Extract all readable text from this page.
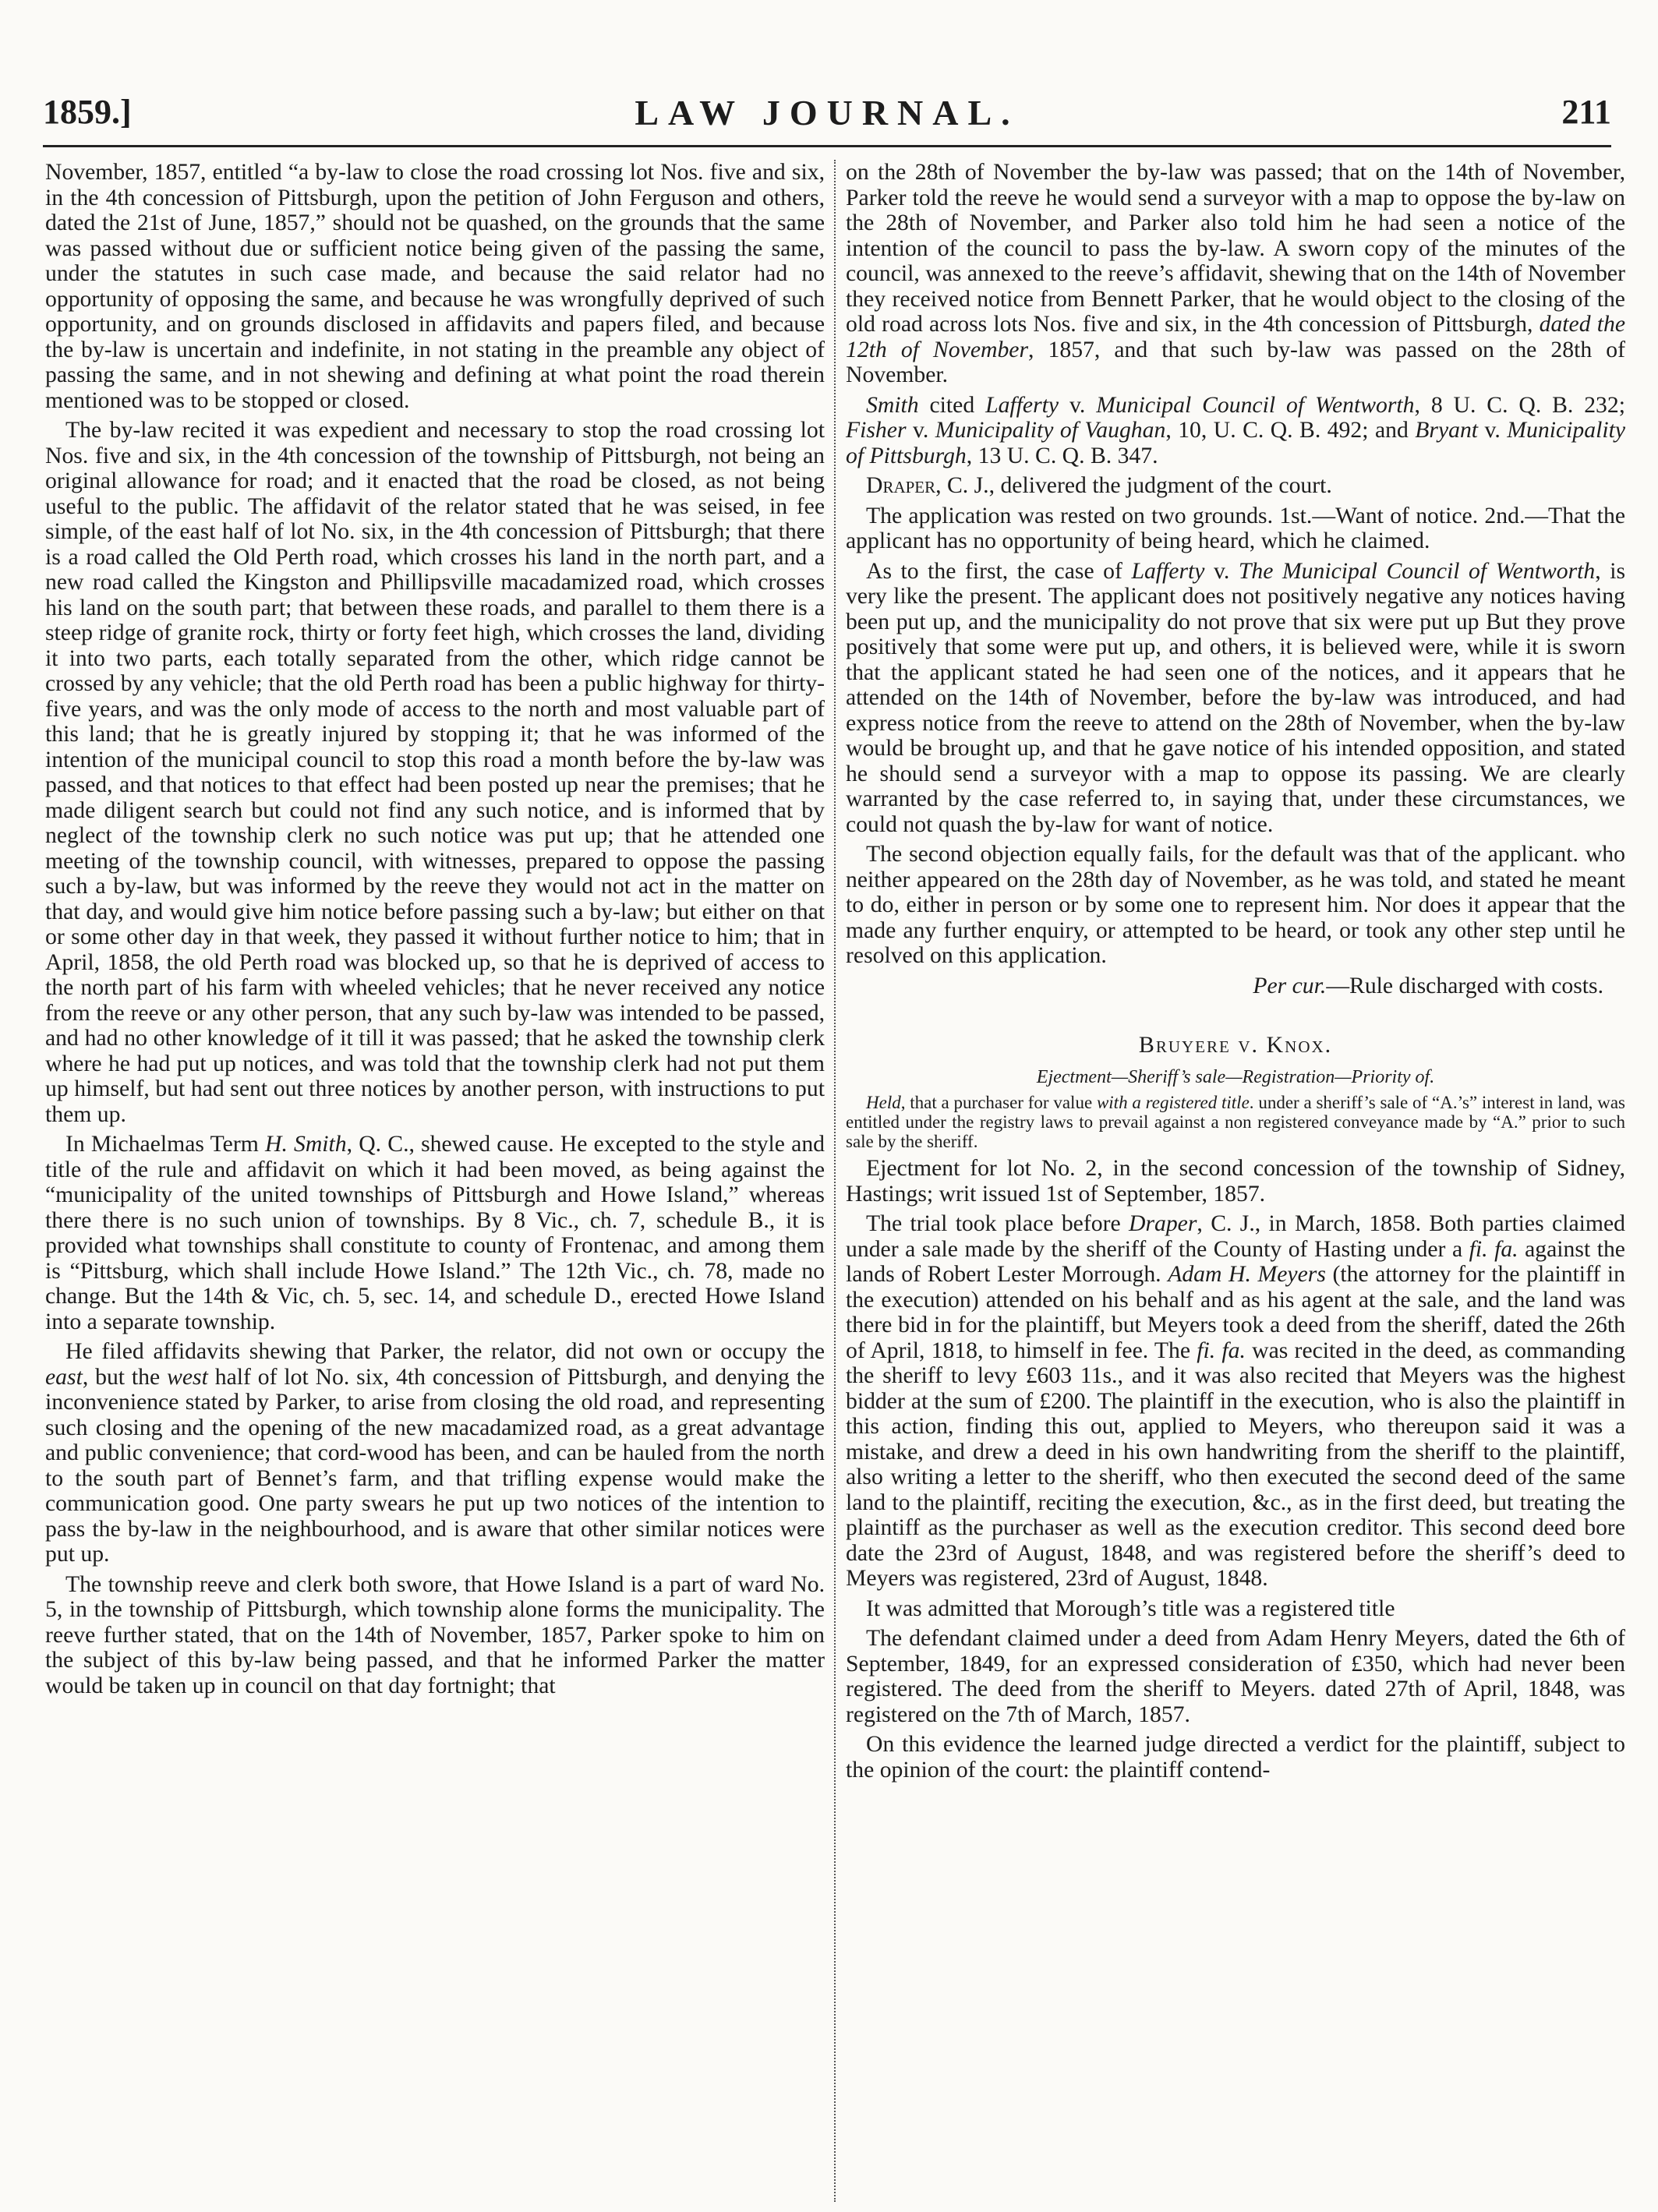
1859.]	LAW JOURNAL.	211

November, 1857, entitled “a by-law to close the road crossing lot Nos. five and six, in the 4th concession of Pittsburgh, upon the petition of John Ferguson and others, dated the 21st of June, 1857,” should not be quashed, on the grounds that the same was passed without due or sufficient notice being given of the passing the same, under the statutes in such case made, and because the said relator had no opportunity of opposing the same, and because he was wrongfully deprived of such opportunity, and on grounds disclosed in affidavits and papers filed, and because the by-law is uncertain and indefinite, in not stating in the preamble any object of passing the same, and in not shewing and defining at what point the road therein mentioned was to be stopped or closed.

The by-law recited it was expedient and necessary to stop the road crossing lot Nos. five and six, in the 4th concession of the township of Pittsburgh, not being an original allowance for road; and it enacted that the road be closed, as not being useful to the public. The affidavit of the relator stated that he was seised, in fee simple, of the east half of lot No. six, in the 4th concession of Pittsburgh; that there is a road called the Old Perth road, which crosses his land in the north part, and a new road called the Kingston and Phillipsville macadamized road, which crosses his land on the south part; that between these roads, and parallel to them there is a steep ridge of granite rock, thirty or forty feet high, which crosses the land, dividing it into two parts, each totally separated from the other, which ridge cannot be crossed by any vehicle; that the old Perth road has been a public highway for thirty-five years, and was the only mode of access to the north and most valuable part of this land; that he is greatly injured by stopping it; that he was informed of the intention of the municipal council to stop this road a month before the by-law was passed, and that notices to that effect had been posted up near the premises; that he made diligent search but could not find any such notice, and is informed that by neglect of the township clerk no such notice was put up; that he attended one meeting of the township council, with witnesses, prepared to oppose the passing such a by-law, but was informed by the reeve they would not act in the matter on that day, and would give him notice before passing such a by-law; but either on that or some other day in that week, they passed it without further notice to him; that in April, 1858, the old Perth road was blocked up, so that he is deprived of access to the north part of his farm with wheeled vehicles; that he never received any notice from the reeve or any other person, that any such by-law was intended to be passed, and had no other knowledge of it till it was passed; that he asked the township clerk where he had put up notices, and was told that the township clerk had not put them up himself, but had sent out three notices by another person, with instructions to put them up.

In Michaelmas Term H. Smith, Q. C., shewed cause. He excepted to the style and title of the rule and affidavit on which it had been moved, as being against the “municipality of the united townships of Pittsburgh and Howe Island,” whereas there there is no such union of townships. By 8 Vic., ch. 7, schedule B., it is provided what townships shall constitute to county of Frontenac, and among them is “Pittsburg, which shall include Howe Island.” The 12th Vic., ch. 78, made no change. But the 14th & Vic, ch. 5, sec. 14, and schedule D., erected Howe Island into a separate township.

He filed affidavits shewing that Parker, the relator, did not own or occupy the east, but the west half of lot No. six, 4th concession of Pittsburgh, and denying the inconvenience stated by Parker, to arise from closing the old road, and representing such closing and the opening of the new macadamized road, as a great advantage and public convenience; that cord-wood has been, and can be hauled from the north to the south part of Bennet’s farm, and that trifling expense would make the communication good. One party swears he put up two notices of the intention to pass the by-law in the neighbourhood, and is aware that other similar notices were put up.

The township reeve and clerk both swore, that Howe Island is a part of ward No. 5, in the township of Pittsburgh, which township alone forms the municipality. The reeve further stated, that on the 14th of November, 1857, Parker spoke to him on the subject of this by-law being passed, and that he informed Parker the matter would be taken up in council on that day fortnight; that

on the 28th of November the by-law was passed; that on the 14th of November, Parker told the reeve he would send a surveyor with a map to oppose the by-law on the 28th of November, and Parker also told him he had seen a notice of the intention of the council to pass the by-law. A sworn copy of the minutes of the council, was annexed to the reeve’s affidavit, shewing that on the 14th of November they received notice from Bennett Parker, that he would object to the closing of the old road across lots Nos. five and six, in the 4th concession of Pittsburgh, dated the 12th of November, 1857, and that such by-law was passed on the 28th of November.

Smith cited Lafferty v. Municipal Council of Wentworth, 8 U. C. Q. B. 232; Fisher v. Municipality of Vaughan, 10, U. C. Q. B. 492; and Bryant v. Municipality of Pittsburgh, 13 U. C. Q. B. 347.

Draper, C. J., delivered the judgment of the court.

The application was rested on two grounds. 1st.—Want of notice. 2nd.—That the applicant has no opportunity of being heard, which he claimed.

As to the first, the case of Lafferty v. The Municipal Council of Wentworth, is very like the present. The applicant does not positively negative any notices having been put up, and the municipality do not prove that six were put up But they prove positively that some were put up, and others, it is believed were, while it is sworn that the applicant stated he had seen one of the notices, and it appears that he attended on the 14th of November, before the by-law was introduced, and had express notice from the reeve to attend on the 28th of November, when the by-law would be brought up, and that he gave notice of his intended opposition, and stated he should send a surveyor with a map to oppose its passing. We are clearly warranted by the case referred to, in saying that, under these circumstances, we could not quash the by-law for want of notice.

The second objection equally fails, for the default was that of the applicant. who neither appeared on the 28th day of November, as he was told, and stated he meant to do, either in person or by some one to represent him. Nor does it appear that the made any further enquiry, or attempted to be heard, or took any other step until he resolved on this application.

Per cur.—Rule discharged with costs.

Bruyere v. Knox.
Ejectment—Sheriff’s sale—Registration—Priority of.

Held, that a purchaser for value with a registered title. under a sheriff’s sale of “A.’s” interest in land, was entitled under the registry laws to prevail against a non registered conveyance made by “A.” prior to such sale by the sheriff.

Ejectment for lot No. 2, in the second concession of the township of Sidney, Hastings; writ issued 1st of September, 1857.

The trial took place before Draper, C. J., in March, 1858. Both parties claimed under a sale made by the sheriff of the County of Hasting under a fi. fa. against the lands of Robert Lester Morrough. Adam H. Meyers (the attorney for the plaintiff in the execution) attended on his behalf and as his agent at the sale, and the land was there bid in for the plaintiff, but Meyers took a deed from the sheriff, dated the 26th of April, 1818, to himself in fee. The fi. fa. was recited in the deed, as commanding the sheriff to levy £603 11s., and it was also recited that Meyers was the highest bidder at the sum of £200. The plaintiff in the execution, who is also the plaintiff in this action, finding this out, applied to Meyers, who thereupon said it was a mistake, and drew a deed in his own handwriting from the sheriff to the plaintiff, also writing a letter to the sheriff, who then executed the second deed of the same land to the plaintiff, reciting the execution, &c., as in the first deed, but treating the plaintiff as the purchaser as well as the execution creditor. This second deed bore date the 23rd of August, 1848, and was registered before the sheriff’s deed to Meyers was registered, 23rd of August, 1848.

It was admitted that Morough’s title was a registered title

The defendant claimed under a deed from Adam Henry Meyers, dated the 6th of September, 1849, for an expressed consideration of £350, which had never been registered. The deed from the sheriff to Meyers. dated 27th of April, 1848, was registered on the 7th of March, 1857.

On this evidence the learned judge directed a verdict for the plaintiff, subject to the opinion of the court: the plaintiff contend-
